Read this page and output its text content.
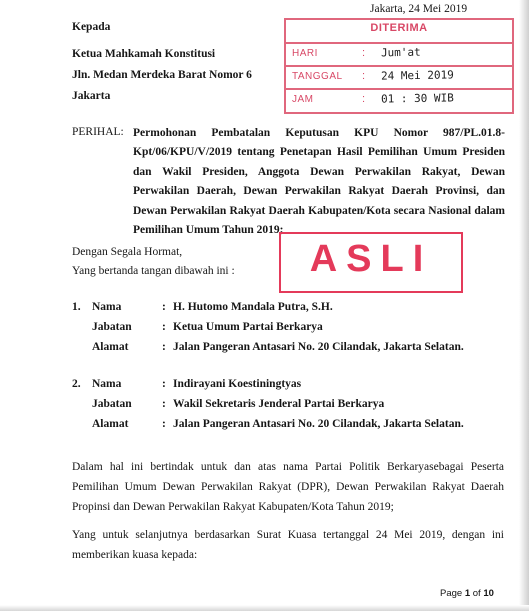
Jakarta, 24 Mei 2019
Kepada
Ketua Mahkamah Konstitusi
Jln. Medan Merdeka Barat Nomor 6
Jakarta
DITERIMA
HARI	: Jum'at
TANGGAL : 24 Mei 2019
JAM	: 01 : 30 WIB
PERIHAL: Permohonan Pembatalan Keputusan KPU Nomor 987/PL.01.8-Kpt/06/KPU/V/2019 tentang Penetapan Hasil Pemilihan Umum Presiden dan Wakil Presiden, Anggota Dewan Perwakilan Rakyat, Dewan Perwakilan Daerah, Dewan Perwakilan Rakyat Daerah Provinsi, dan Dewan Perwakilan Rakyat Daerah Kabupaten/Kota secara Nasional dalam Pemilihan Umum Tahun 2019;
ASLI
Dengan Segala Hormat,
Yang bertanda tangan dibawah ini :
1. Nama	: H. Hutomo Mandala Putra, S.H.
Jabatan	: Ketua Umum Partai Berkarya
Alamat	: Jalan Pangeran Antasari No. 20 Cilandak, Jakarta Selatan.
2. Nama	: Indirayani Koestiningtyas
Jabatan	: Wakil Sekretaris Jenderal Partai Berkarya
Alamat	: Jalan Pangeran Antasari No. 20 Cilandak, Jakarta Selatan.
Dalam hal ini bertindak untuk dan atas nama Partai Politik Berkaryasebagai Peserta Pemilihan Umum Dewan Perwakilan Rakyat (DPR), Dewan Perwakilan Rakyat Daerah Propinsi dan Dewan Perwakilan Rakyat Kabupaten/Kota Tahun 2019;
Yang untuk selanjutnya berdasarkan Surat Kuasa tertanggal 24 Mei 2019, dengan ini memberikan kuasa kepada:
Page 1 of 10
